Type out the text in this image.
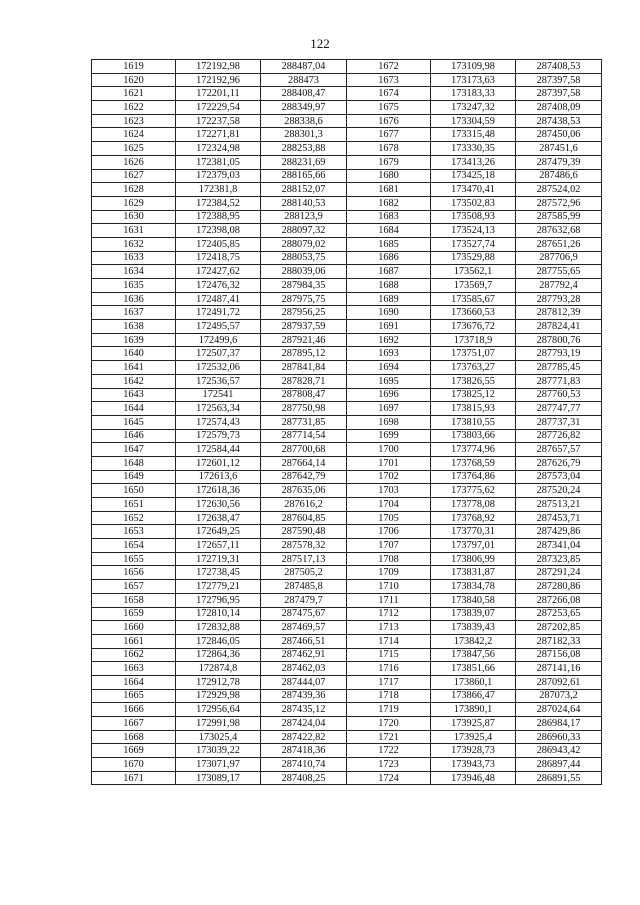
122
1619	172192,98	288487,04	1672	173109,98	287408,53
1620	172192,96	288473	1673	173173,63	287397,58
1621	172201,11	288408,47	1674	173183,33	287397,58
1622	172229,54	288349,97	1675	173247,32	287408,09
1623	172237,58	288338,6	1676	173304,59	287438,53
1624	172271,81	288301,3	1677	173315,48	287450,06
1625	172324,98	288253,88	1678	173330,35	287451,6
1626	172381,05	288231,69	1679	173413,26	287479,39
1627	172379,03	288165,66	1680	173425,18	287486,6
1628	172381,8	288152,07	1681	173470,41	287524,02
1629	172384,52	288140,53	1682	173502,83	287572,96
1630	172388,95	288123,9	1683	173508,93	287585,99
1631	172398,08	288097,32	1684	173524,13	287632,68
1632	172405,85	288079,02	1685	173527,74	287651,26
1633	172418,75	288053,75	1686	173529,88	287706,9
1634	172427,62	288039,06	1687	173562,1	287755,65
1635	172476,32	287984,35	1688	173569,7	287792,4
1636	172487,41	287975,75	1689	173585,67	287793,28
1637	172491,72	287956,25	1690	173660,53	287812,39
1638	172495,57	287937,59	1691	173676,72	287824,41
1639	172499,6	287921,46	1692	173718,9	287800,76
1640	172507,37	287895,12	1693	173751,07	287793,19
1641	172532,06	287841,84	1694	173763,27	287785,45
1642	172536,57	287828,71	1695	173826,55	287771,83
1643	172541	287808,47	1696	173825,12	287760,53
1644	172563,34	287750,98	1697	173815,93	287747,77
1645	172574,43	287731,85	1698	173810,55	287737,31
1646	172579,73	287714,54	1699	173803,66	287726,82
1647	172584,44	287700,68	1700	173774,96	287657,57
1648	172601,12	287664,14	1701	173768,59	287626,79
1649	172613,6	287642,79	1702	173764,86	287573,04
1650	172618,36	287635,06	1703	173775,62	287520,24
1651	172630,56	287616,2	1704	173778,08	287513,21
1652	172638,47	287604,85	1705	173768,92	287453,71
1653	172649,25	287590,48	1706	173770,31	287429,86
1654	172657,11	287578,32	1707	173797,01	287341,04
1655	172719,31	287517,13	1708	173806,99	287323,85
1656	172738,45	287505,2	1709	173831,87	287291,24
1657	172779,21	287485,8	1710	173834,78	287280,86
1658	172796,95	287479,7	1711	173840,58	287266,08
1659	172810,14	287475,67	1712	173839,07	287253,65
1660	172832,88	287469,57	1713	173839,43	287202,85
1661	172846,05	287466,51	1714	173842,2	287182,33
1662	172864,36	287462,91	1715	173847,56	287156,08
1663	172874,8	287462,03	1716	173851,66	287141,16
1664	172912,78	287444,07	1717	173860,1	287092,61
1665	172929,98	287439,36	1718	173866,47	287073,2
1666	172956,64	287435,12	1719	173890,1	287024,64
1667	172991,98	287424,04	1720	173925,87	286984,17
1668	173025,4	287422,82	1721	173925,4	286960,33
1669	173039,22	287418,36	1722	173928,73	286943,42
1670	173071,97	287410,74	1723	173943,73	286897,44
1671	173089,17	287408,25	1724	173946,48	286891,55
